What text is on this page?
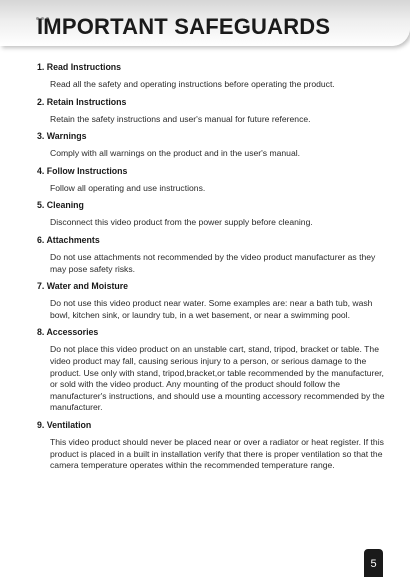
IMPORTANT SAFEGUARDS
1. Read Instructions
Read all the safety and operating instructions before operating the product.
2. Retain Instructions
Retain the safety instructions and user's manual for future reference.
3. Warnings
Comply with all warnings on the product and in the user's manual.
4. Follow Instructions
Follow all operating and use instructions.
5. Cleaning
Disconnect this video product from the power supply before cleaning.
6. Attachments
Do not use attachments not recommended by the video product manufacturer as they may pose safety risks.
7. Water and Moisture
Do not use this video product near water. Some examples are: near a bath tub, wash bowl, kitchen sink, or laundry tub, in a wet basement, or near a swimming pool.
8. Accessories
Do not place this video product on an unstable cart, stand, tripod, bracket or table. The video product may fall, causing serious injury to a person, or serious damage to the product. Use only with stand, tripod,bracket,or table recommended by the manufacturer, or sold with the video product. Any mounting of the product should follow the manufacturer's instructions, and should use a mounting accessory recommended by the manufacturer.
9. Ventilation
This video product should never be placed near or over a radiator or heat register. If this product is placed in a built in installation verify that there is proper ventilation so that the camera temperature operates within the recommended temperature range.
5
